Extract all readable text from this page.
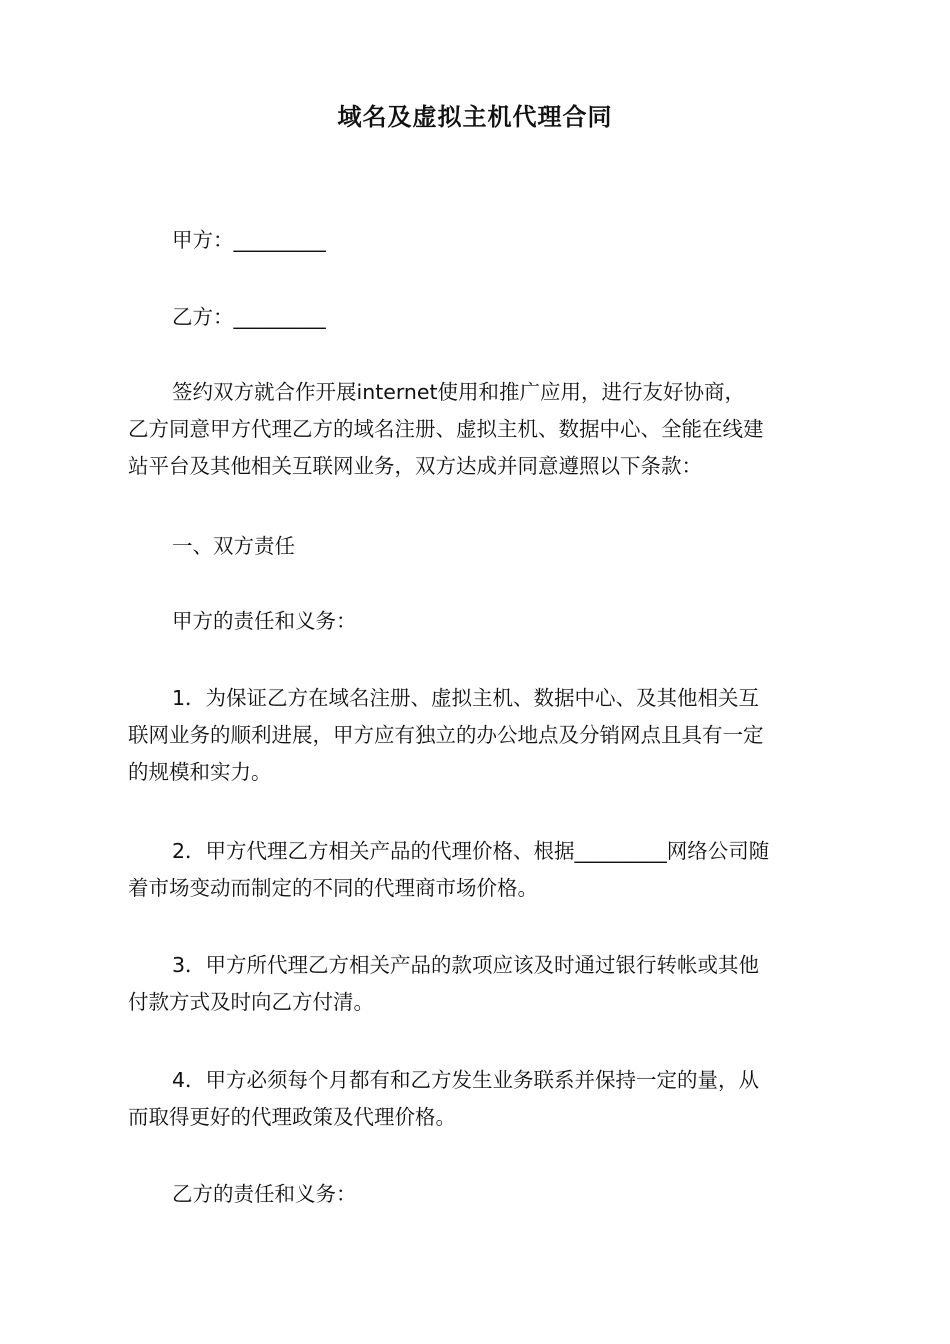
域名及虚拟主机代理合同
甲方：_________
乙方：_________
签约双方就合作开展internet使用和推广应用，进行友好协商，
乙方同意甲方代理乙方的域名注册、虚拟主机、数据中心、全能在线建
站平台及其他相关互联网业务，双方达成并同意遵照以下条款：
一、双方责任
甲方的责任和义务：
1．为保证乙方在域名注册、虚拟主机、数据中心、及其他相关互
联网业务的顺利进展，甲方应有独立的办公地点及分销网点且具有一定
的规模和实力。
2．甲方代理乙方相关产品的代理价格、根据_________网络公司随
着市场变动而制定的不同的代理商市场价格。
3．甲方所代理乙方相关产品的款项应该及时通过银行转帐或其他
付款方式及时向乙方付清。
4．甲方必须每个月都有和乙方发生业务联系并保持一定的量，从
而取得更好的代理政策及代理价格。
乙方的责任和义务：
